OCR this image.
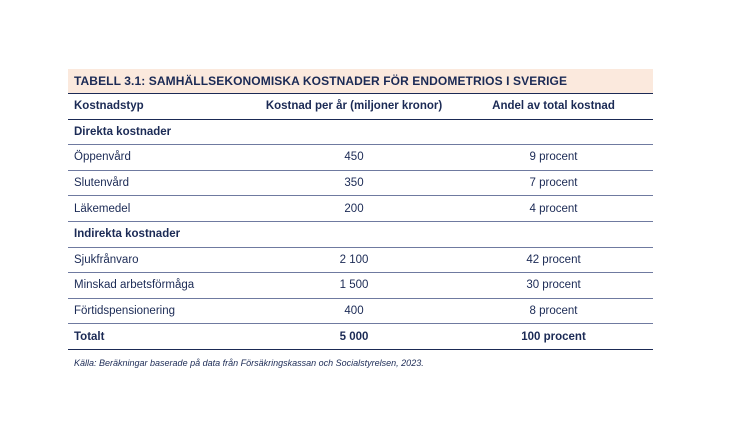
TABELL 3.1: SAMHÄLLSEKONOMISKA KOSTNADER FÖR ENDOMETRIOS I SVERIGE
Kostnadstyp	Kostnad per år (miljoner kronor)	Andel av total kostnad
Direkta kostnader		
Öppenvård	450	9 procent
Slutenvård	350	7 procent
Läkemedel	200	4 procent
Indirekta kostnader		
Sjukfrånvaro	2 100	42 procent
Minskad arbetsförmåga	1 500	30 procent
Förtidspensionering	400	8 procent
Totalt	5 000	100 procent
Källa: Beräkningar baserade på data från Försäkringskassan och Socialstyrelsen, 2023.
